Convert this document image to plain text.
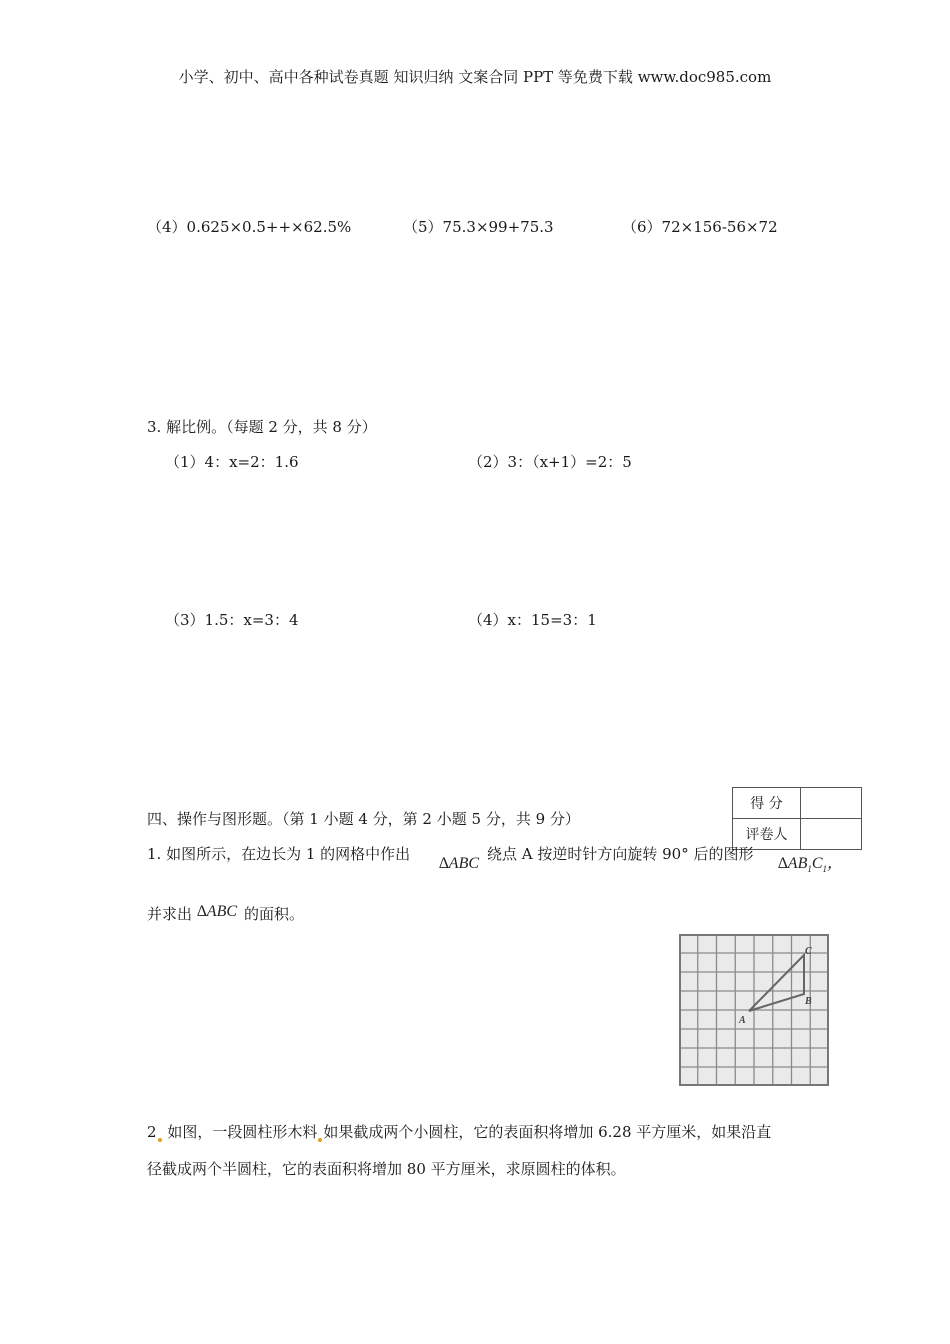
小学、初中、高中各种试卷真题 知识归纳 文案合同 PPT 等免费下载 www.doc985.com
（4）0.625×0.5++×62.5%	（5）75.3×99+75.3	（6）72×156-56×72
3. 解比例。（每题 2 分，共 8 分）
（1）4：x=2：1.6	（2）3：（x+1）=2：5
（3）1.5：x=3：4	（4）x：15=3：1
四、操作与图形题。（第 1 小题 4 分，第 2 小题 5 分，共 9 分）
得 分	
评卷人	
1. 如图所示，在边长为 1 的网格中作出
∆ABC
绕点 A 按逆时针方向旋转 90° 后的图形
$\Delta AB_1C_1$，
并求出 ∆ABC 的面积。
A
B
C
2 如图，一段圆柱形木料 如果截成两个小圆柱，它的表面积将增加 6.28 平方厘米，如果沿直
径截成两个半圆柱，它的表面积将增加 80 平方厘米，求原圆柱的体积。
